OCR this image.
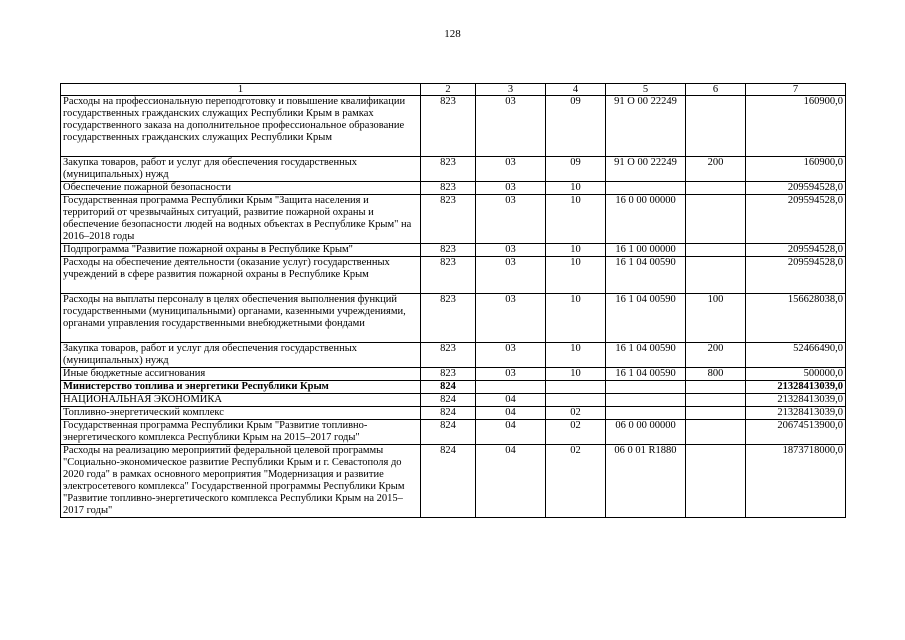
128
1	2	3	4	5	6	7
Расходы на профессиональную переподготовку и повышение квалификации государственных гражданских служащих Республики Крым в рамках государственного заказа на дополнительное профессиональное образование государственных гражданских служащих Республики Крым	823	03	09	91 О 00 22249		160900,0
Закупка товаров, работ и услуг для обеспечения государственных (муниципальных) нужд	823	03	09	91 О 00 22249	200	160900,0
Обеспечение пожарной безопасности	823	03	10			209594528,0
Государственная программа Республики Крым "Защита населения и территорий от чрезвычайных ситуаций, развитие пожарной охраны и обеспечение безопасности людей на водных объектах в Республике Крым" на 2016–2018 годы	823	03	10	16 0 00 00000		209594528,0
Подпрограмма "Развитие пожарной охраны в Республике Крым"	823	03	10	16 1 00 00000		209594528,0
Расходы на обеспечение деятельности (оказание услуг) государственных учреждений в сфере развития пожарной охраны в Республике Крым	823	03	10	16 1 04 00590		209594528,0
Расходы на выплаты персоналу в целях обеспечения выполнения функций государственными (муниципальными) органами, казенными учреждениями, органами управления государственными внебюджетными фондами	823	03	10	16 1 04 00590	100	156628038,0
Закупка товаров, работ и услуг для обеспечения государственных (муниципальных) нужд	823	03	10	16 1 04 00590	200	52466490,0
Иные бюджетные ассигнования	823	03	10	16 1 04 00590	800	500000,0
Министерство топлива и энергетики Республики Крым	824					21328413039,0
НАЦИОНАЛЬНАЯ ЭКОНОМИКА	824	04				21328413039,0
Топливно-энергетический комплекс	824	04	02			21328413039,0
Государственная программа Республики Крым "Развитие топливно-энергетического комплекса Республики Крым на 2015–2017 годы"	824	04	02	06 0 00 00000		20674513900,0
Расходы на реализацию мероприятий федеральной целевой программы "Социально-экономическое развитие Республики Крым и г. Севастополя до 2020 года" в рамках основного мероприятия "Модернизация и развитие электросетевого комплекса" Государственной программы Республики Крым "Развитие топливно-энергетического комплекса Республики Крым на 2015–2017 годы"	824	04	02	06 0 01 R1880		1873718000,0
